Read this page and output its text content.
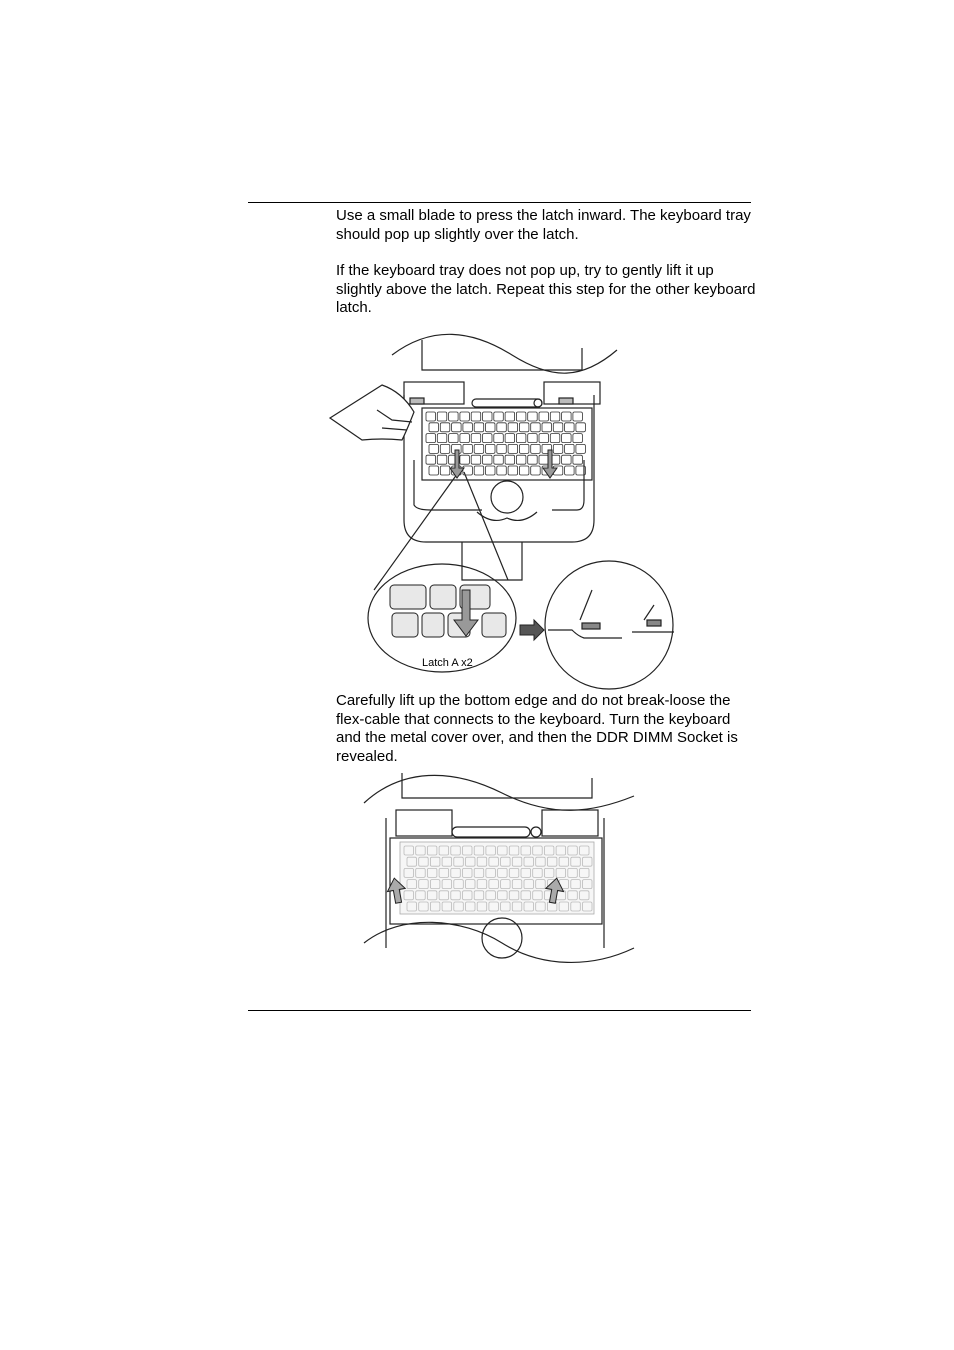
Use a small blade to press the latch inward. The keyboard tray should pop up slightly over the latch.

If the keyboard tray does not pop up, try to gently lift it up slightly above the latch. Repeat this step for the other keyboard latch.

Latch A x2

Carefully lift up the bottom edge and do not break-loose the flex-cable that connects to the keyboard. Turn the keyboard and the metal cover over, and then the DDR DIMM Socket is revealed.
